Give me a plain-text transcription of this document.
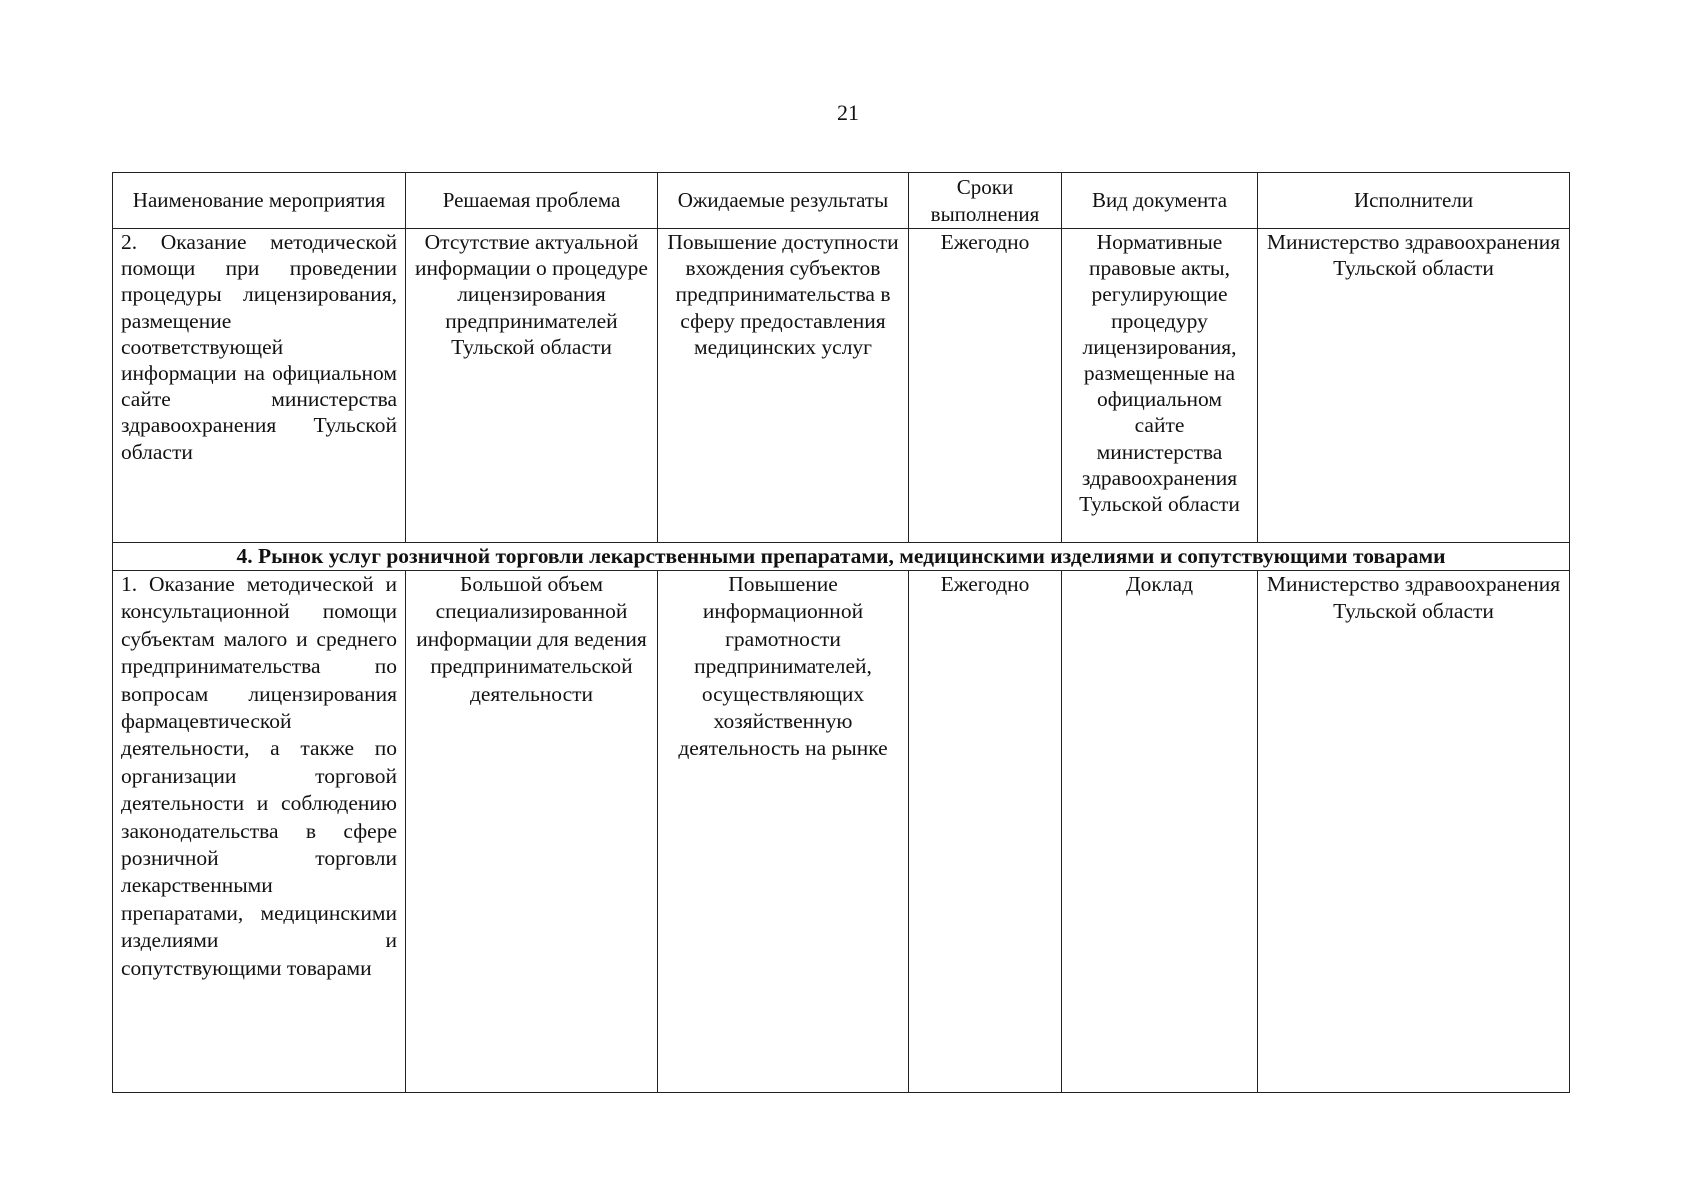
21
Наименование мероприятия	Решаемая проблема	Ожидаемые результаты	Сроки выполнения	Вид документа	Исполнители
2. Оказание методической помощи при проведении процедуры лицензирования, размещение соответствующей информации на официальном сайте министерства здравоохранения Тульской области	Отсутствие актуальной информации о процедуре лицензирования предпринимателей Тульской области	Повышение доступности вхождения субъектов предпринимательства в сферу предоставления медицинских услуг	Ежегодно	Нормативные правовые акты, регулирующие процедуру лицензирования, размещенные на официальном сайте министерства здравоохранения Тульской области	Министерство здравоохранения Тульской области
4. Рынок услуг розничной торговли лекарственными препаратами, медицинскими изделиями и сопутствующими товарами					
1. Оказание методической и консультационной помощи субъектам малого и среднего предпринимательства по вопросам лицензирования фармацевтической деятельности, а также по организации торговой деятельности и соблюдению законодательства в сфере розничной торговли лекарственными препаратами, медицинскими изделиями и сопутствующими товарами	Большой объем специализированной информации для ведения предпринимательской деятельности	Повышение информационной грамотности предпринимателей, осуществляющих хозяйственную деятельность на рынке	Ежегодно	Доклад	Министерство здравоохранения Тульской области
